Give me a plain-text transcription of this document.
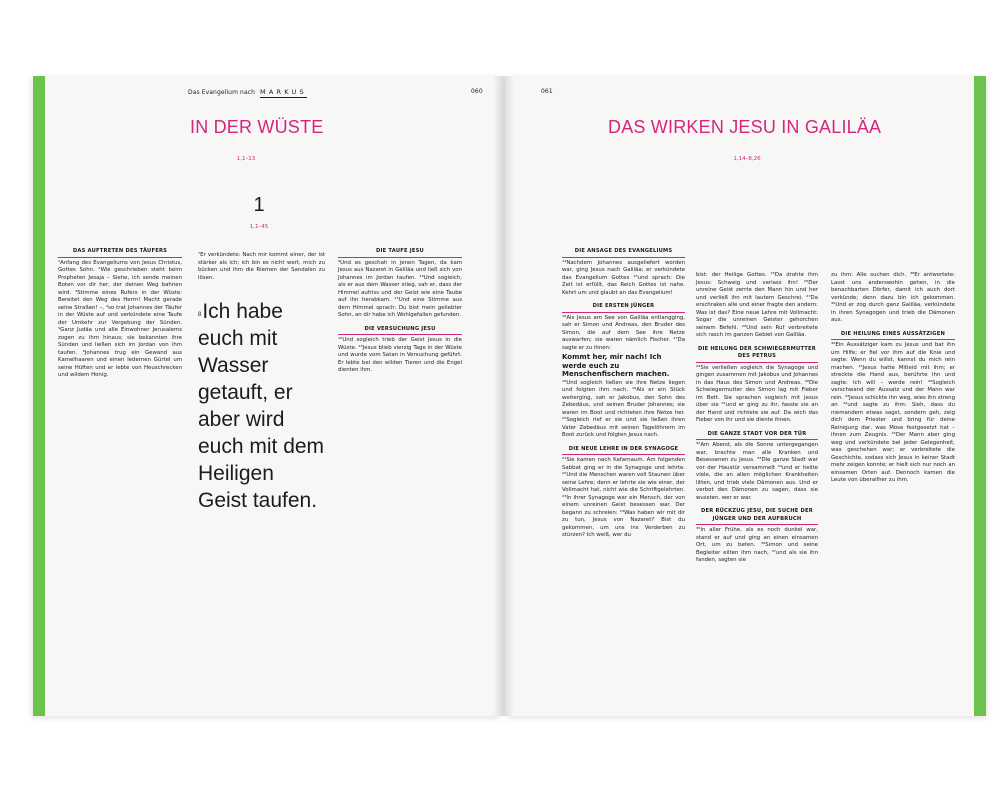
Das Evangelium nach MARKUS	060
IN DER WÜSTE
1,1–13
1
1,1–45
DAS AUFTRETEN DES TÄUFERS

¹Anfang des Evangeliums von Jesus Christus, Gottes Sohn. ²Wie geschrieben steht beim Propheten Jesaja – Siehe, ich sende meinen Boten vor dir her, der deinen Weg bahnen wird. ³Stimme eines Rufers in der Wüste: Bereitet den Weg des Herrn! Macht gerade seine Straßen! –, ⁴so trat Johannes der Täufer in der Wüste auf und verkündete eine Taufe der Umkehr zur Vergebung der Sünden. ⁵Ganz Judäa und alle Einwohner Jerusalems zogen zu ihm hinaus; sie bekannten ihre Sünden und ließen sich im Jordan von ihm taufen. ⁶Johannes trug ein Gewand aus Kamelhaaren und einen ledernen Gürtel um seine Hüften und er lebte von Heuschrecken und wildem Honig.

⁷Er verkündete: Nach mir kommt einer, der ist stärker als ich; ich bin es nicht wert, mich zu bücken und ihm die Riemen der Sandalen zu lösen.

$^8$Ich habe euch mit Wasser getauft, er aber wird euch mit dem Heiligen Geist taufen.
DIE TAUFE JESU

⁹Und es geschah in jenen Tagen, da kam Jesus aus Nazaret in Galiläa und ließ sich von Johannes im Jordan taufen. ¹⁰Und sogleich, als er aus dem Wasser stieg, sah er, dass der Himmel aufriss und der Geist wie eine Taube auf ihn herabkam. ¹¹Und eine Stimme aus dem Himmel sprach: Du bist mein geliebter Sohn, an dir habe ich Wohlgefallen gefunden.

DIE VERSUCHUNG JESU

¹²Und sogleich trieb der Geist Jesus in die Wüste. ¹³Jesus blieb vierzig Tage in der Wüste und wurde vom Satan in Versuchung geführt. Er lebte bei den wilden Tieren und die Engel dienten ihm.

061
DAS WIRKEN JESU IN GALILÄA
1,14–8,26
DIE ANSAGE DES EVANGELIUMS

¹⁴Nachdem Johannes ausgeliefert worden war, ging Jesus nach Galiläa; er verkündete das Evangelium Gottes ¹⁵und sprach: Die Zeit ist erfüllt, das Reich Gottes ist nahe. Kehrt um und glaubt an das Evangelium!

DIE ERSTEN JÜNGER

¹⁶Als Jesus am See von Galiläa entlangging, sah er Simon und Andreas, den Bruder des Simon, die auf dem See ihre Netze auswarfen; sie waren nämlich Fischer. ¹⁷Da sagte er zu ihnen:

Kommt her, mir nach! Ich werde euch zu Menschenfischern machen.

¹⁸Und sogleich ließen sie ihre Netze liegen und folgten ihm nach. ¹⁹Als er ein Stück weiterging, sah er Jakobus, den Sohn des Zebedäus, und seinen Bruder Johannes; sie waren im Boot und richteten ihre Netze her. ²⁰Sogleich rief er sie und sie ließen ihren Vater Zebedäus mit seinen Tagelöhnern im Boot zurück und folgten Jesus nach.

DIE NEUE LEHRE IN DER SYNAGOGE

²¹Sie kamen nach Kafarnaum. Am folgenden Sabbat ging er in die Synagoge und lehrte. ²²Und die Menschen waren voll Staunen über seine Lehre; denn er lehrte sie wie einer, der Vollmacht hat, nicht wie die Schriftgelehrten. ²³In ihrer Synagoge war ein Mensch, der von einem unreinen Geist besessen war. Der begann zu schreien: ²⁴Was haben wir mit dir zu tun, Jesus von Nazaret? Bist du gekommen, um uns ins Verderben zu stürzen? Ich weiß, wer du

bist: der Heilige Gottes. ²⁵Da drohte ihm Jesus: Schweig und verlass ihn! ²⁶Der unreine Geist zerrte den Mann hin und her und verließ ihn mit lautem Geschrei. ²⁷Da erschraken alle und einer fragte den andern: Was ist das? Eine neue Lehre mit Vollmacht: Sogar die unreinen Geister gehorchen seinem Befehl. ²⁸Und sein Ruf verbreitete sich rasch im ganzen Gebiet von Galiläa.

DIE HEILUNG DER SCHWIEGERMUTTER DES PETRUS

²⁹Sie verließen sogleich die Synagoge und gingen zusammen mit Jakobus und Johannes in das Haus des Simon und Andreas. ³⁰Die Schwiegermutter des Simon lag mit Fieber im Bett. Sie sprachen sogleich mit Jesus über sie ³¹und er ging zu ihr, fasste sie an der Hand und richtete sie auf. Da wich das Fieber von ihr und sie diente ihnen.

DIE GANZE STADT VOR DER TÜR

³²Am Abend, als die Sonne untergegangen war, brachte man alle Kranken und Besessenen zu Jesus. ³³Die ganze Stadt war vor der Haustür versammelt ³⁴und er heilte viele, die an allen möglichen Krankheiten litten, und trieb viele Dämonen aus. Und er verbot den Dämonen zu sagen, dass sie wussten, wer er war.

DER RÜCKZUG JESU, DIE SUCHE DER JÜNGER UND DER AUFBRUCH

³⁵In aller Frühe, als es noch dunkel war, stand er auf und ging an einen einsamen Ort, um zu beten. ³⁶Simon und seine Begleiter eilten ihm nach, ³⁷und als sie ihn fanden, sagten sie

zu ihm: Alle suchen dich. ³⁸Er antwortete: Lasst uns anderswohin gehen, in die benachbarten Dörfer, damit ich auch dort verkünde; denn dazu bin ich gekommen. ³⁹Und er zog durch ganz Galiläa, verkündete in ihren Synagogen und trieb die Dämonen aus.

DIE HEILUNG EINES AUSSÄTZIGEN

⁴⁰Ein Aussätziger kam zu Jesus und bat ihn um Hilfe; er fiel vor ihm auf die Knie und sagte: Wenn du willst, kannst du mich rein machen. ⁴¹Jesus hatte Mitleid mit ihm; er streckte die Hand aus, berührte ihn und sagte: Ich will – werde rein! ⁴²Sogleich verschwand der Aussatz und der Mann war rein. ⁴³Jesus schickte ihn weg, wies ihn streng an ⁴⁴und sagte zu ihm: Sieh, dass du niemandem etwas sagst, sondern geh, zeig dich dem Priester und bring für deine Reinigung dar, was Mose festgesetzt hat – ihnen zum Zeugnis. ⁴⁵Der Mann aber ging weg und verkündete bei jeder Gelegenheit, was geschehen war; er verbreitete die Geschichte, sodass sich Jesus in keiner Stadt mehr zeigen konnte; er hielt sich nur noch an einsamen Orten auf. Dennoch kamen die Leute von überallher zu ihm.
